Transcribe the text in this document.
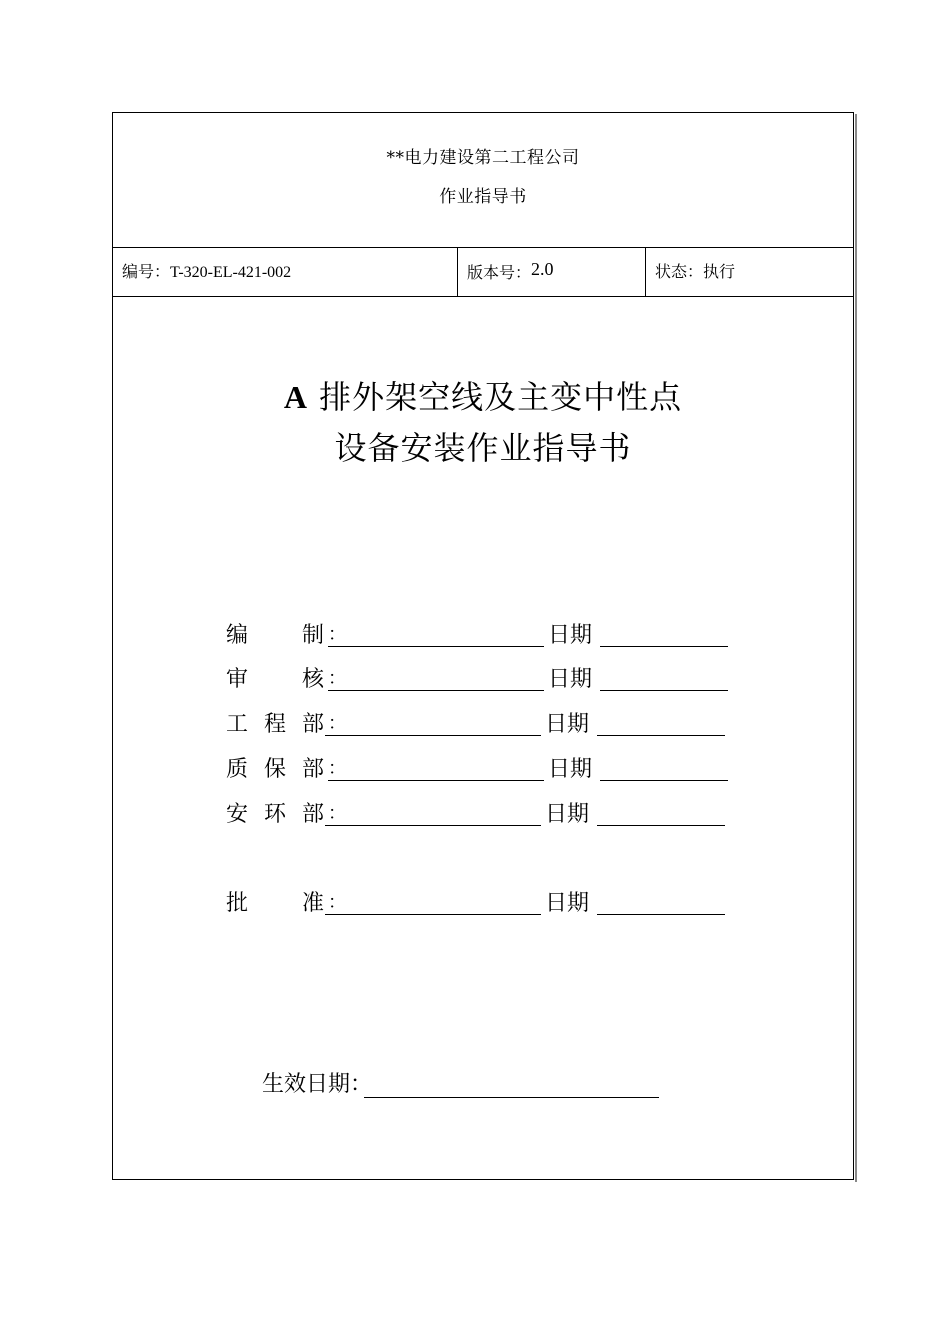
**电力建设第二工程公司
作业指导书
编号：T-320-EL-421-002	版本号：2.0	状态：执行
A 排外架空线及主变中性点
设备安装作业指导书
编 制 ：	日期
审 核 ：	日期
工 程 部 ：	日期
质 保 部 ：	日期
安 环 部 ：	日期
批 准 ：	日期
生效日期：
